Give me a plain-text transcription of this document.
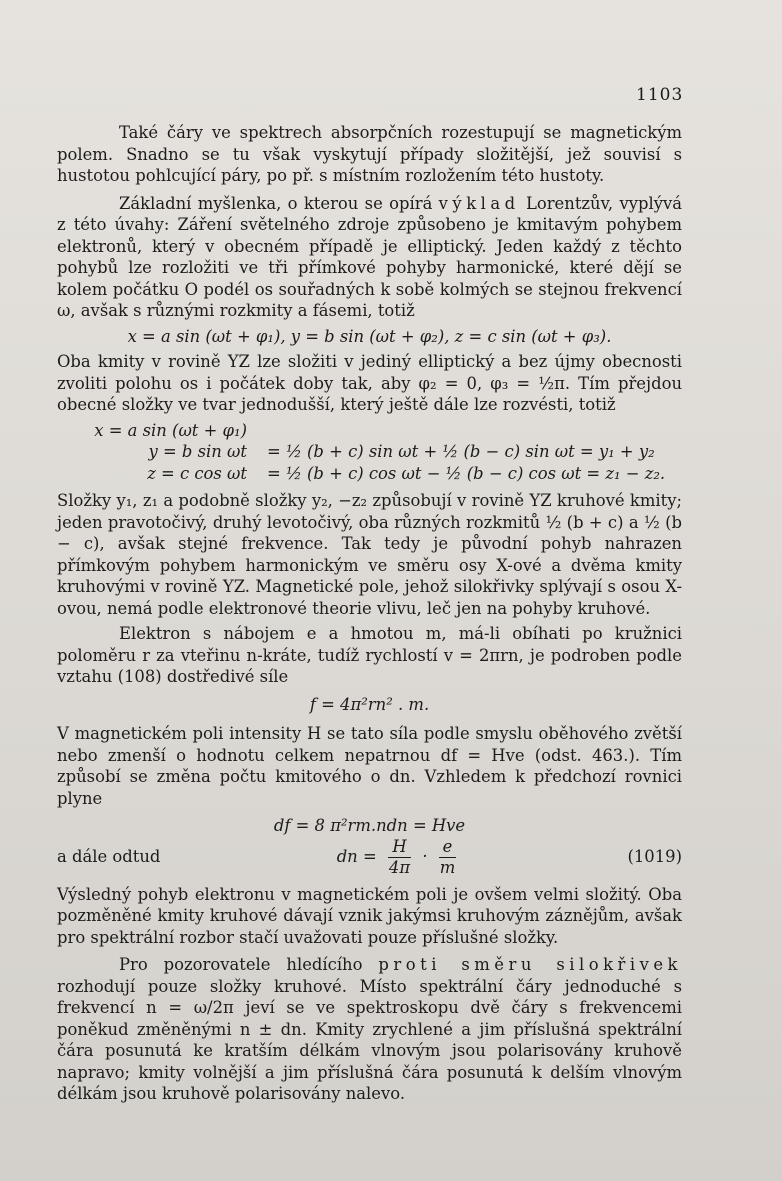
1103

Také čáry ve spektrech absorpčních rozestupují se magnetickým polem. Snadno se tu však vyskytují případy složitější, jež souvisí s hustotou pohlcující páry, po př. s místním rozložením této hustoty.

Základní myšlenka, o kterou se opírá výklad Lorentzův, vyplývá z této úvahy: Záření světelného zdroje způsobeno je kmitavým pohybem elektronů, který v obecném případě je elliptický. Jeden každý z těchto pohybů lze rozložiti ve tři přímkové pohyby harmonické, které dějí se kolem počátku O podél os souřadných k sobě kolmých se stejnou frekvencí ω, avšak s různými rozkmity a fásemi, totiž

x = a sin (ωt + φ₁), y = b sin (ωt + φ₂), z = c sin (ωt + φ₃).

Oba kmity v rovině YZ lze složiti v jediný elliptický a bez újmy obecnosti zvoliti polohu os i počátek doby tak, aby φ₂ = 0, φ₃ = ½π. Tím přejdou obecné složky ve tvar jednodušší, který ještě dále lze rozvésti, totiž

x = a sin (ωt + φ₁)
y = b sin ωt	= ½ (b + c) sin ωt + ½ (b − c) sin ωt = y₁ + y₂
z = c cos ωt	= ½ (b + c) cos ωt − ½ (b − c) cos ωt = z₁ − z₂.

Složky y₁, z₁ a podobně složky y₂, −z₂ způsobují v rovině YZ kruhové kmity; jeden pravotočivý, druhý levotočivý, oba různých rozkmitů ½ (b + c) a ½ (b − c), avšak stejné frekvence. Tak tedy je původní pohyb nahrazen přímkovým pohybem harmonickým ve směru osy X-ové a dvěma kmity kruhovými v rovině YZ. Magnetické pole, jehož silokřivky splývají s osou X-ovou, nemá podle elektronové theorie vlivu, leč jen na pohyby kruhové.

Elektron s nábojem e a hmotou m, má-li obíhati po kružnici poloměru r za vteřinu n-kráte, tudíž rychlostí v = 2πrn, je podroben podle vztahu (108) dostředivé síle

f = 4π²rn² . m.

V magnetickém poli intensity H se tato síla podle smyslu oběhového zvětší nebo zmenší o hodnotu celkem nepatrnou df = Hve (odst. 463.). Tím způsobí se změna počtu kmitového o dn. Vzhledem k předchozí rovnici plyne

df = 8 π²rm.ndn = Hve

a dále odtud	dn = $\frac{H}{4\pi} \cdot \frac{e}{m}$	(1019)

Výsledný pohyb elektronu v magnetickém poli je ovšem velmi složitý. Oba pozměněné kmity kruhové dávají vznik jakýmsi kruhovým zázněјům, avšak pro spektrální rozbor stačí uvažovati pouze příslušné složky.

Pro pozorovatele hledícího proti směru silokřivek rozhodují pouze složky kruhové. Místo spektrální čáry jednoduché s frekvencí n = ω/2π jeví se ve spektroskopu dvě čáry s frekvencemi poněkud změněnými n ± dn. Kmity zrychlené a jim příslušná spektrální čára posunutá ke kratším délkám vlnovým jsou polarisovány kruhově napravo; kmity volnější a jim příslušná čára posunutá k delším vlnovým délkám jsou kruhově polarisovány nalevo.
